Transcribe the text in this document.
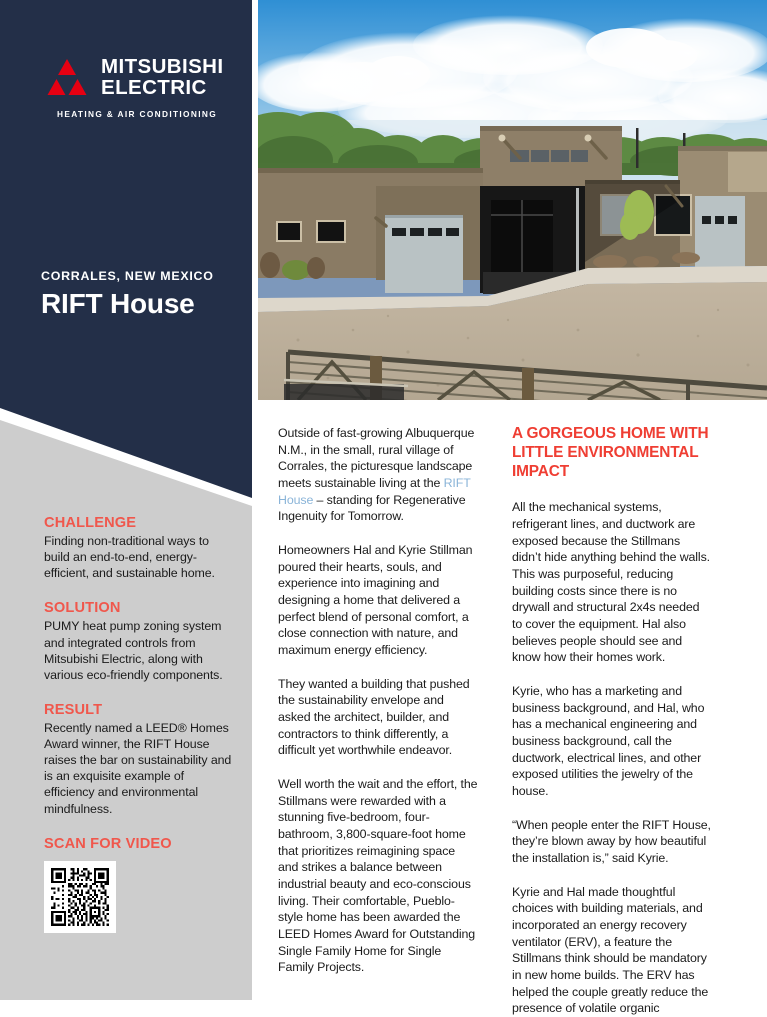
MITSUBISHI
ELECTRIC
HEATING & AIR CONDITIONING
CORRALES, NEW MEXICO
RIFT House
CHALLENGE

Finding non-traditional ways to build an end-to-end, energy-efficient, and sustainable home.

SOLUTION

PUMY heat pump zoning system and integrated controls from Mitsubishi Electric, along with various eco-friendly components.

RESULT

Recently named a LEED® Homes Award winner, the RIFT House raises the bar on sustainability and is an exquisite example of efficiency and environmental mindfulness.

SCAN FOR VIDEO

Outside of fast-growing Albuquerque N.M., in the small, rural village of Corrales, the picturesque landscape meets sustainable living at the RIFT House – standing for Regenerative Ingenuity for Tomorrow.

Homeowners Hal and Kyrie Stillman poured their hearts, souls, and experience into imagining and designing a home that delivered a perfect blend of personal comfort, a close connection with nature, and maximum energy efficiency.

They wanted a building that pushed the sustainability envelope and asked the architect, builder, and contractors to think differently, a difficult yet worthwhile endeavor.

Well worth the wait and the effort, the Stillmans were rewarded with a stunning five-bedroom, four-bathroom, 3,800-square-foot home that prioritizes reimagining space and strikes a balance between industrial beauty and eco-conscious living. Their comfortable, Pueblo-style home has been awarded the LEED Homes Award for Outstanding Single Family Home for Single Family Projects.

A GORGEOUS HOME WITH LITTLE ENVIRONMENTAL IMPACT

All the mechanical systems, refrigerant lines, and ductwork are exposed because the Stillmans didn’t hide anything behind the walls. This was purposeful, reducing building costs since there is no drywall and structural 2x4s needed to cover the equipment. Hal also believes people should see and know how their homes work.

Kyrie, who has a marketing and business background, and Hal, who has a mechanical engineering and business background, call the ductwork, electrical lines, and other exposed utilities the jewelry of the house.

“When people enter the RIFT House, they’re blown away by how beautiful the installation is,” said Kyrie.

Kyrie and Hal made thoughtful choices with building materials, and incorporated an energy recovery ventilator (ERV), a feature the Stillmans think should be mandatory in new home builds. The ERV has helped the couple greatly reduce the presence of volatile organic
